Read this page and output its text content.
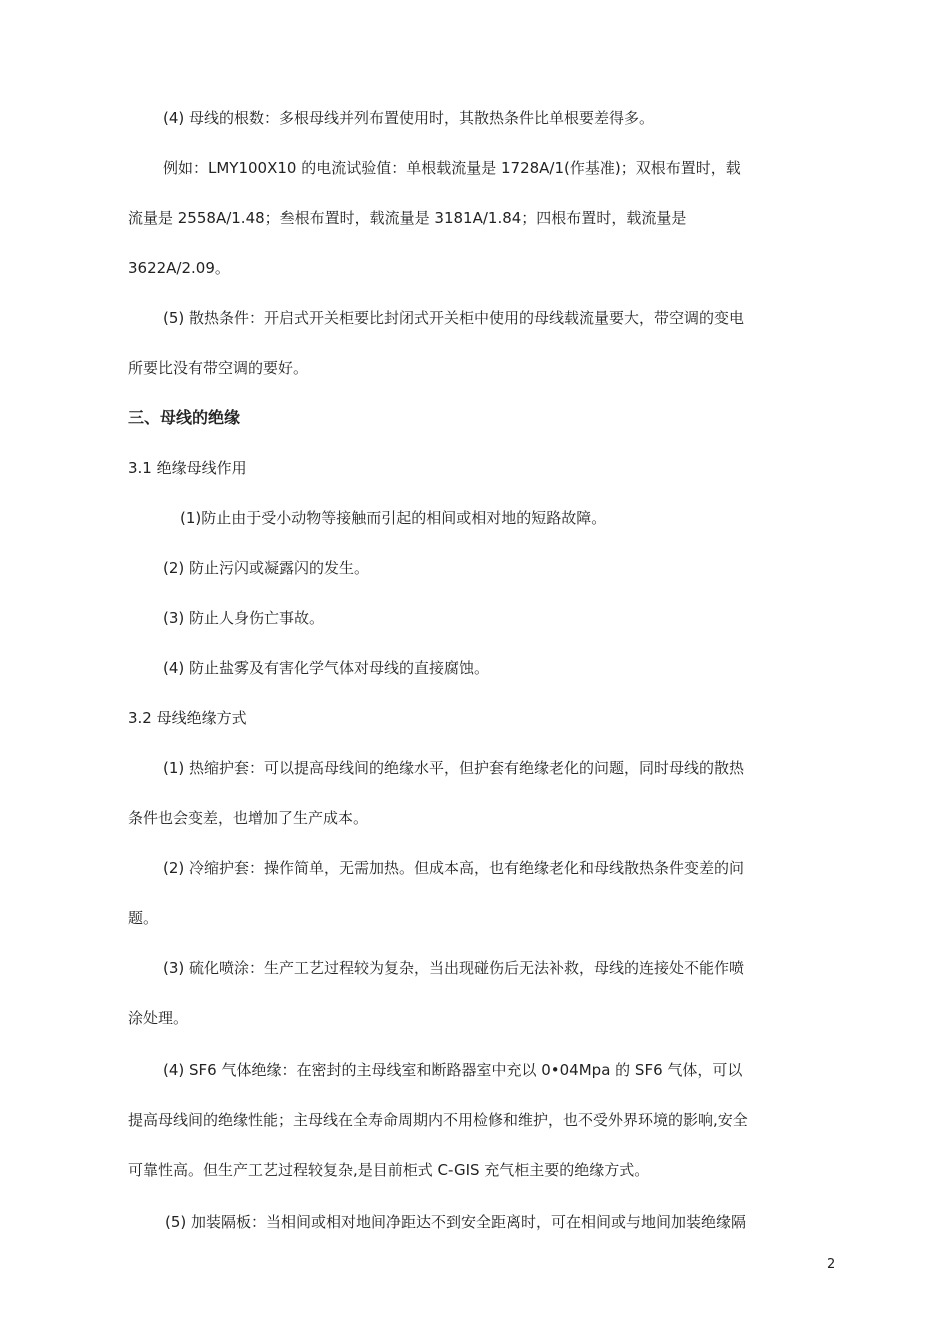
(4) 母线的根数：多根母线并列布置使用时，其散热条件比单根要差得多。
例如：LMY100X10 的电流试验值：单根载流量是 1728A/1(作基准)；双根布置时，载
流量是 2558A/1.48；叁根布置时，载流量是 3181A/1.84；四根布置时，载流量是
3622A/2.09。
(5) 散热条件：开启式开关柜要比封闭式开关柜中使用的母线载流量要大，带空调的变电
所要比没有带空调的要好。
三、母线的绝缘
3.1 绝缘母线作用
(1)防止由于受小动物等接触而引起的相间或相对地的短路故障。
(2) 防止污闪或凝露闪的发生。
(3) 防止人身伤亡事故。
(4) 防止盐雾及有害化学气体对母线的直接腐蚀。
3.2 母线绝缘方式
(1) 热缩护套：可以提高母线间的绝缘水平，但护套有绝缘老化的问题，同时母线的散热
条件也会变差，也增加了生产成本。
(2) 冷缩护套：操作简单，无需加热。但成本高，也有绝缘老化和母线散热条件变差的问
题。
(3) 硫化喷涂：生产工艺过程较为复杂，当出现碰伤后无法补救，母线的连接处不能作喷
涂处理。
(4) SF6 气体绝缘：在密封的主母线室和断路器室中充以 0•04Mpa 的 SF6 气体，可以
提高母线间的绝缘性能；主母线在全寿命周期内不用检修和维护，也不受外界环境的影响,安全
可靠性高。但生产工艺过程较复杂,是目前柜式 C-GIS 充气柜主要的绝缘方式。
(5) 加装隔板：当相间或相对地间净距达不到安全距离时，可在相间或与地间加装绝缘隔
2
